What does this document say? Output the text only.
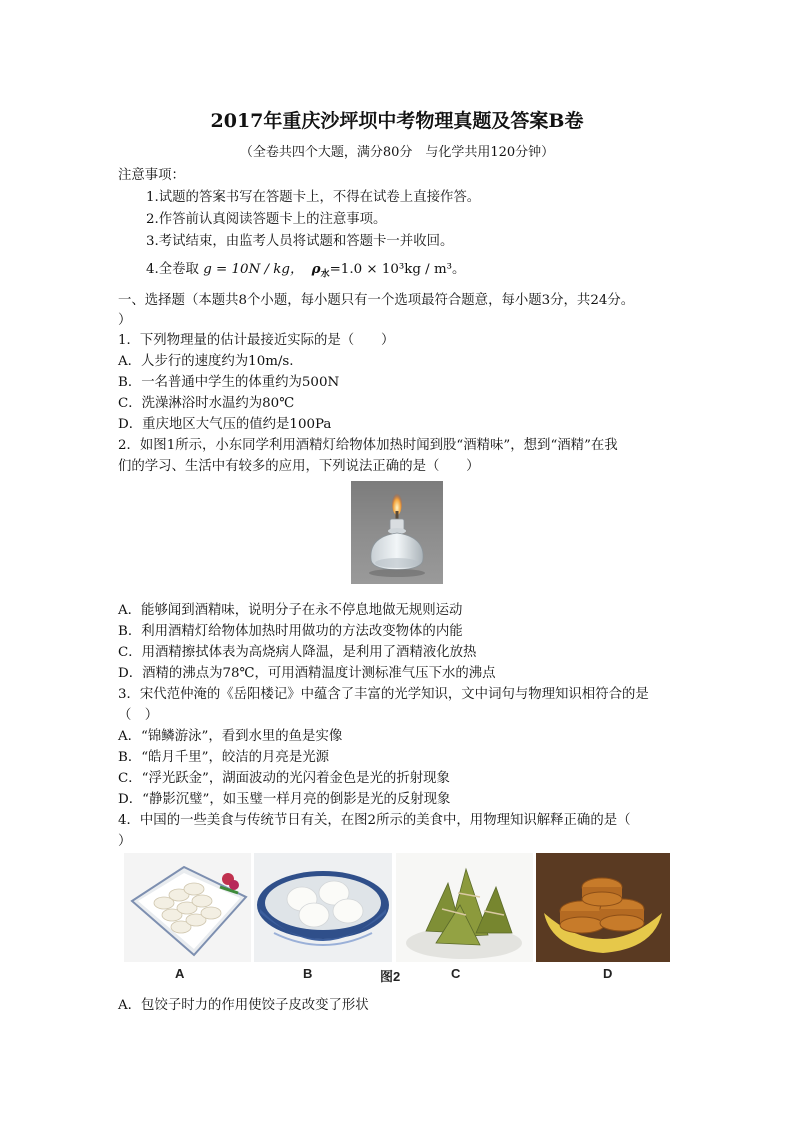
2017年重庆沙坪坝中考物理真题及答案B卷
（全卷共四个大题，满分80分　与化学共用120分钟）
注意事项：
1.试题的答案书写在答题卡上，不得在试卷上直接作答。
2.作答前认真阅读答题卡上的注意事项。
3.考试结束，由监考人员将试题和答题卡一并收回。
4.全卷取 g = 10N / kg， $\rho_水=1.0 \times 10^3kg / m^3$。
一、选择题（本题共8个小题，每小题只有一个选项最符合题意，每小题3分，共24分。
）
1．下列物理量的估计最接近实际的是（　　）
A．人步行的速度约为10m/s.
B．一名普通中学生的体重约为500N
C．洗澡淋浴时水温约为80℃
D．重庆地区大气压的值约是100Pa
2．如图1所示，小东同学利用酒精灯给物体加热时闻到股“酒精味”，想到“酒精”在我
们的学习、生活中有较多的应用，下列说法正确的是（　　）
A．能够闻到酒精味，说明分子在永不停息地做无规则运动
B．利用酒精灯给物体加热时用做功的方法改变物体的内能
C．用酒精擦拭体表为高烧病人降温，是利用了酒精液化放热
D．酒精的沸点为78℃，可用酒精温度计测标准气压下水的沸点
3．宋代范仲淹的《岳阳楼记》中蕴含了丰富的光学知识，文中词句与物理知识相符合的是
（　）
A．“锦鳞游泳”，看到水里的鱼是实像
B．“皓月千里”，皎洁的月亮是光源
C．“浮光跃金”，湖面波动的光闪着金色是光的折射现象
D．“静影沉璧”，如玉璧一样月亮的倒影是光的反射现象
4．中国的一些美食与传统节日有关，在图2所示的美食中，用物理知识解释正确的是（
）
A	B	图2	C	D
A．包饺子时力的作用使饺子皮改变了形状
